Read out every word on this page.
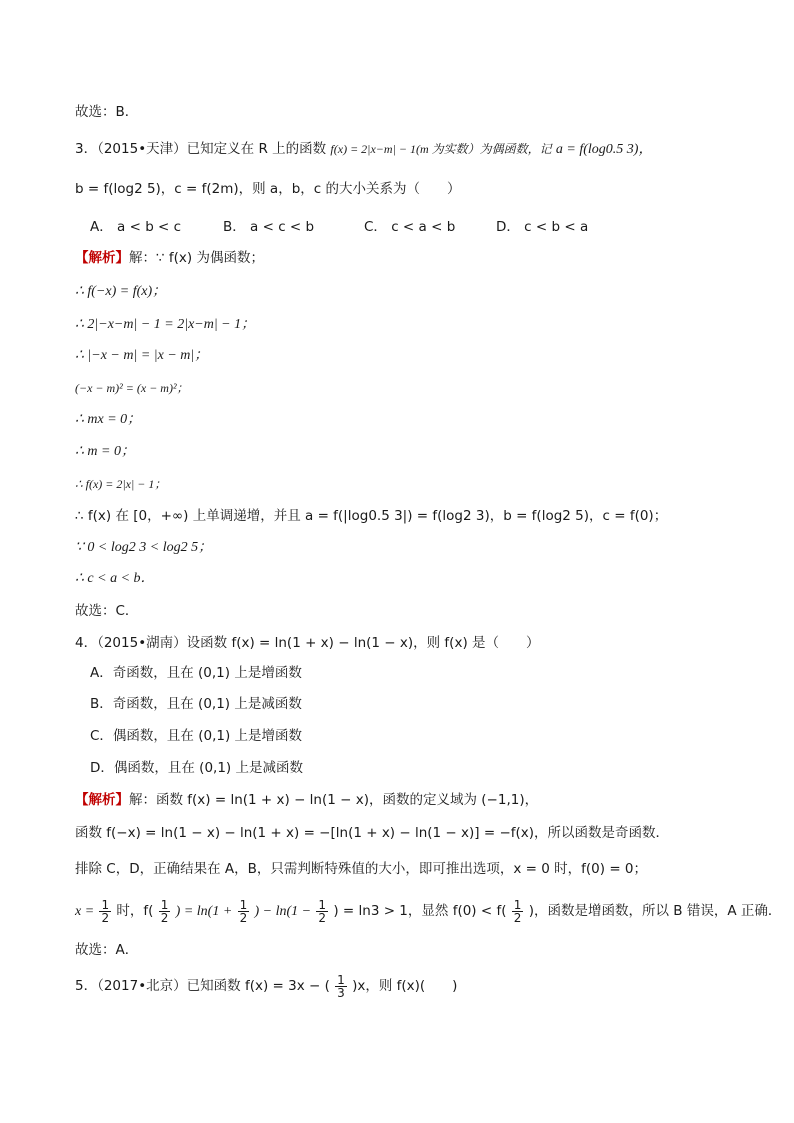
故选：B．
3．（2015•天津）已知定义在 R 上的函数 f(x) = 2|x−m| − 1(m 为实数）为偶函数，记 a = f(log0.5 3)，
b = f(log2 5)，c = f(2m)，则 a，b，c 的大小关系为（　　）
A． a < b < c	B． a < c < b	C． c < a < b	D． c < b < a
【解析】解：∵ f(x) 为偶函数；
∴ f(−x) = f(x)；
∴ 2|−x−m| − 1 = 2|x−m| − 1；
∴ |−x − m| = |x − m|；
(−x − m)² = (x − m)²；
∴ mx = 0；
∴ m = 0；
∴ f(x) = 2|x| − 1；
∴ f(x) 在 [0，+∞) 上单调递增，并且 a = f(|log0.5 3|) = f(log2 3)，b = f(log2 5)，c = f(0)；
∵ 0 < log2 3 < log2 5；
∴ c < a < b．
故选：C．
4．（2015•湖南）设函数 f(x) = ln(1 + x) − ln(1 − x)，则 f(x) 是（　　）
A．奇函数，且在 (0,1) 上是增函数
B．奇函数，且在 (0,1) 上是减函数
C．偶函数，且在 (0,1) 上是增函数
D．偶函数，且在 (0,1) 上是减函数
【解析】解：函数 f(x) = ln(1 + x) − ln(1 − x)，函数的定义域为 (−1,1)，
函数 f(−x) = ln(1 − x) − ln(1 + x) = −[ln(1 + x) − ln(1 − x)] = −f(x)，所以函数是奇函数．
排除 C，D，正确结果在 A，B，只需判断特殊值的大小，即可推出选项，x = 0 时，f(0) = 0；
$x = \frac{1}{2}$ 时，$f( \frac{1}{2}$ ) = $\ln(1 + \frac{1}{2}$ ) − $\ln(1 - \frac{1}{2}$ ) = ln3 > 1，显然 $f(0) < f( \frac{1}{2}$ )，函数是增函数，所以 B 错误，A 正确．
故选：A．
5．（2017•北京）已知函数 f(x) = 3x − ( $\frac{1}{3} )x$，则 f(x)(　　)
